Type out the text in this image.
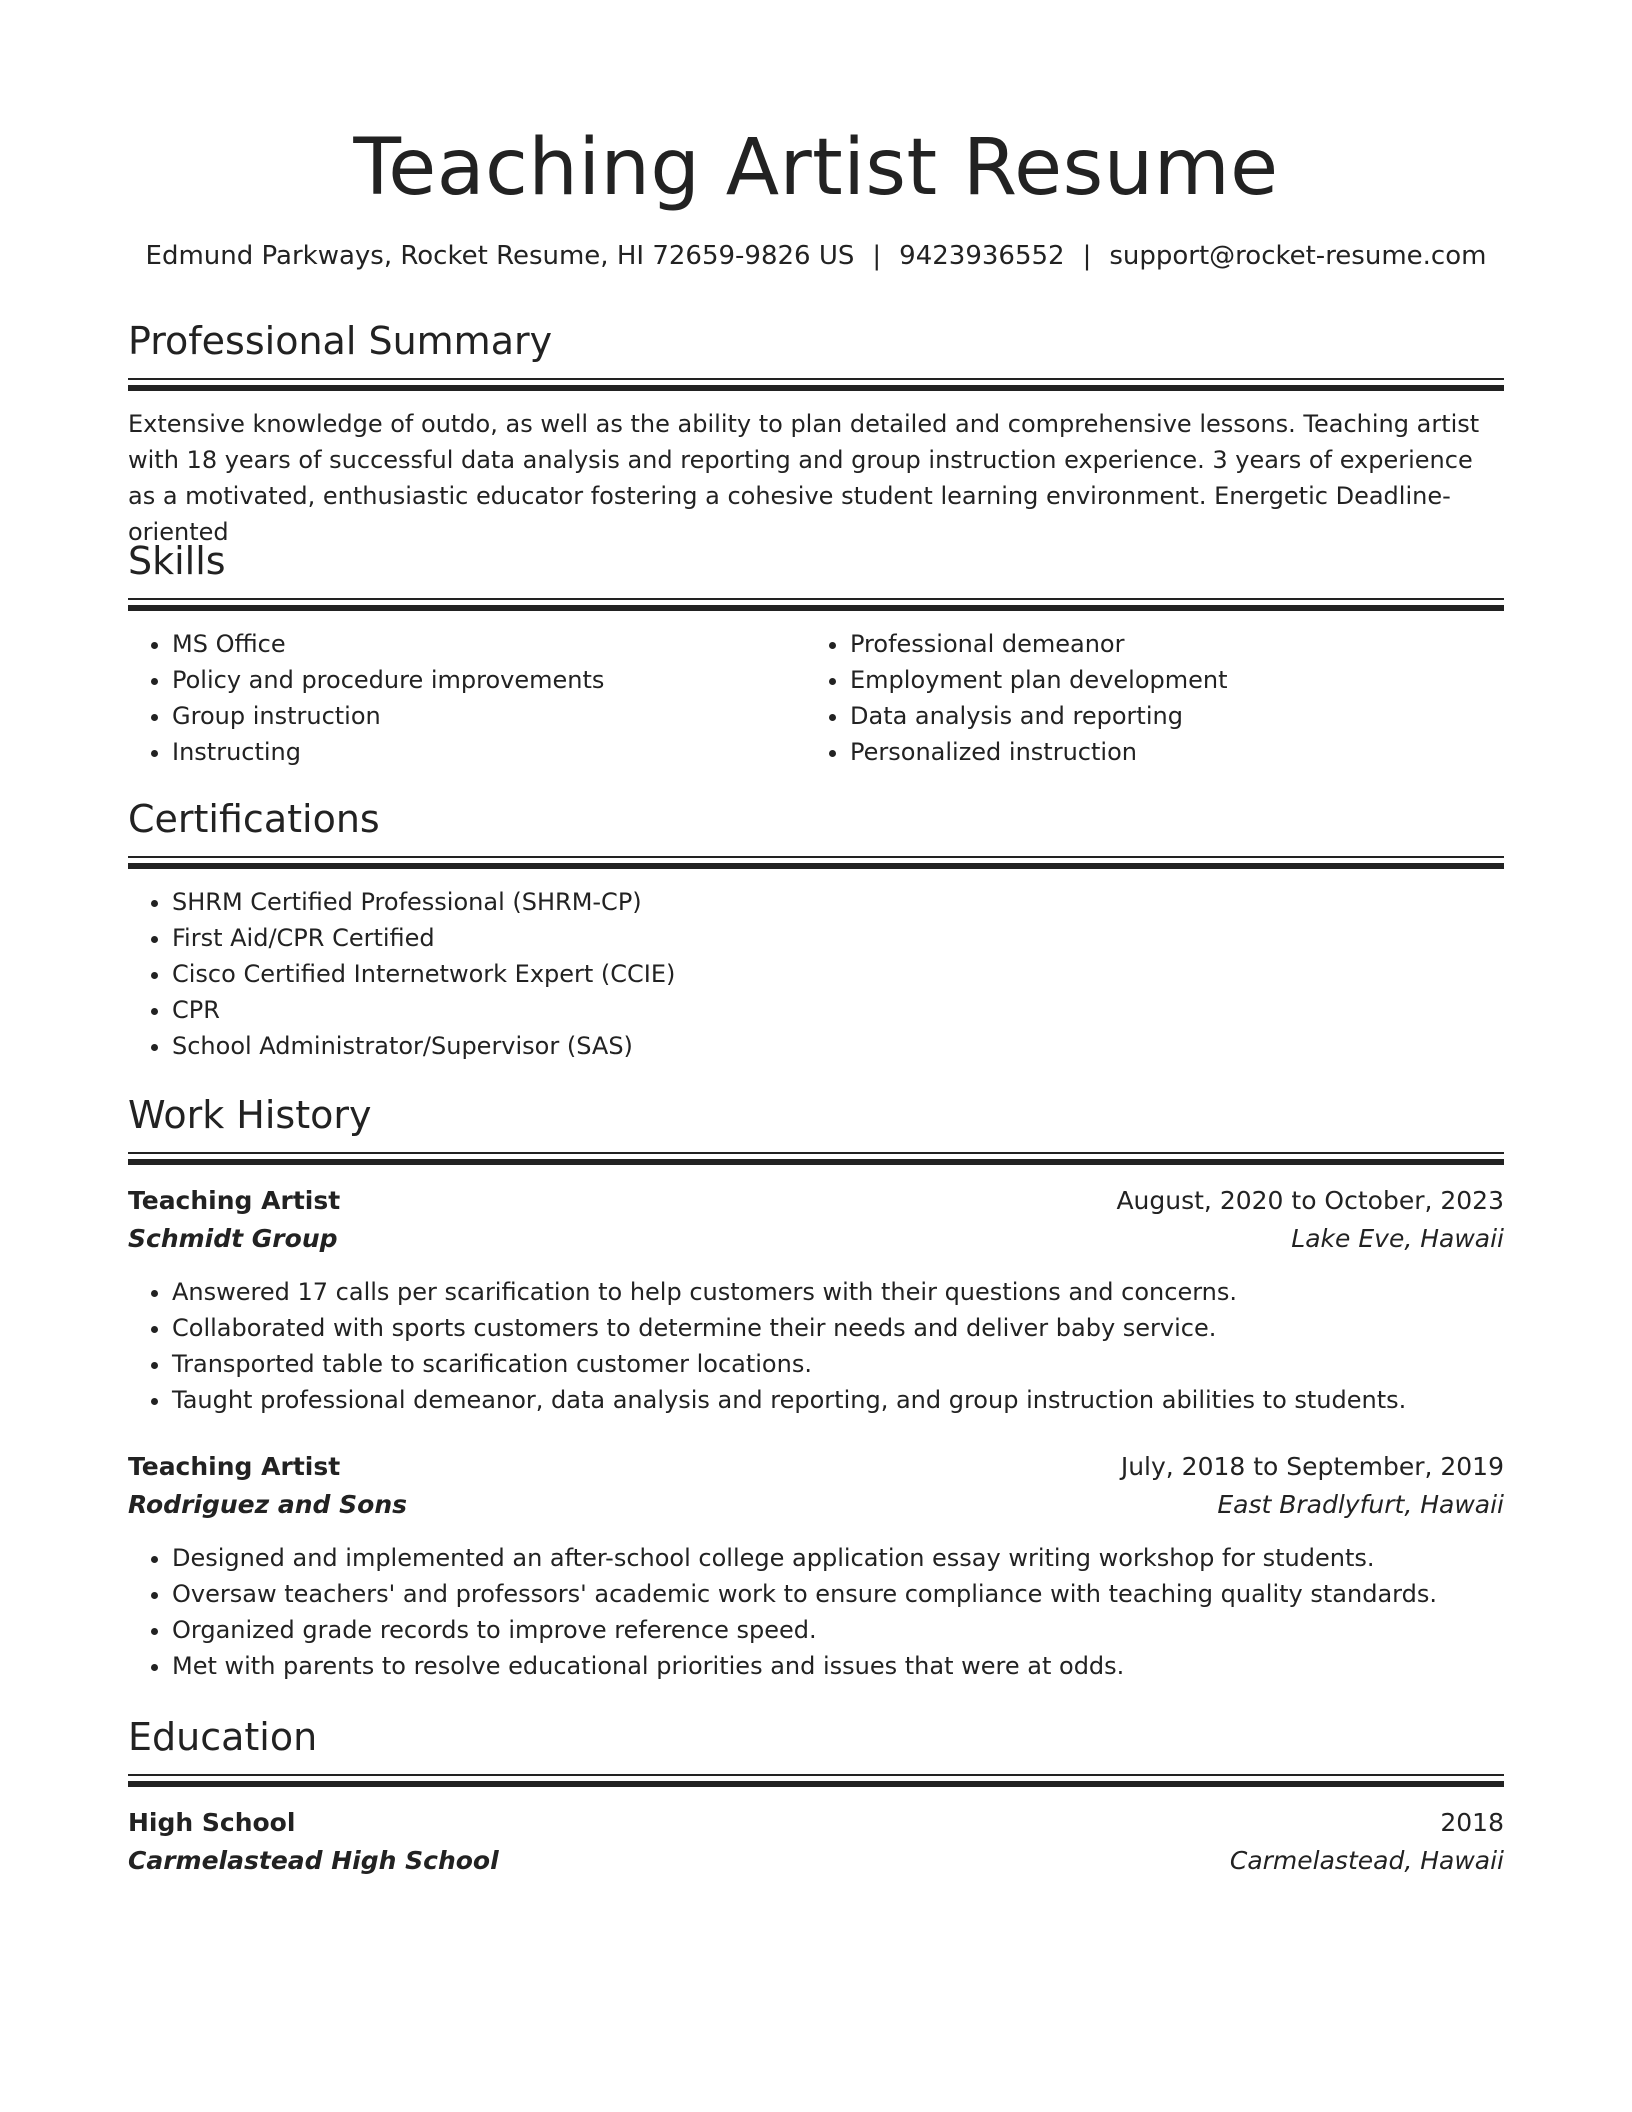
Teaching Artist Resume
Edmund Parkways, Rocket Resume, HI 72659-9826 US | 9423936552 | support@rocket-resume.com
Professional Summary
Extensive knowledge of outdo, as well as the ability to plan detailed and comprehensive lessons. Teaching artist with 18 years of successful data analysis and reporting and group instruction experience. 3 years of experience as a motivated, enthusiastic educator fostering a cohesive student learning environment. Energetic Deadline-oriented
Skills
• MS Office
• Policy and procedure improvements
• Group instruction
• Instructing
• Professional demeanor
• Employment plan development
• Data analysis and reporting
• Personalized instruction
Certifications
• SHRM Certified Professional (SHRM-CP)
• First Aid/CPR Certified
• Cisco Certified Internetwork Expert (CCIE)
• CPR
• School Administrator/Supervisor (SAS)
Work History
Teaching Artist	August, 2020 to October, 2023
Schmidt Group	Lake Eve, Hawaii
• Answered 17 calls per scarification to help customers with their questions and concerns.
• Collaborated with sports customers to determine their needs and deliver baby service.
• Transported table to scarification customer locations.
• Taught professional demeanor, data analysis and reporting, and group instruction abilities to students.
Teaching Artist	July, 2018 to September, 2019
Rodriguez and Sons	East Bradlyfurt, Hawaii
• Designed and implemented an after-school college application essay writing workshop for students.
• Oversaw teachers' and professors' academic work to ensure compliance with teaching quality standards.
• Organized grade records to improve reference speed.
• Met with parents to resolve educational priorities and issues that were at odds.
Education
High School	2018
Carmelastead High School	Carmelastead, Hawaii
